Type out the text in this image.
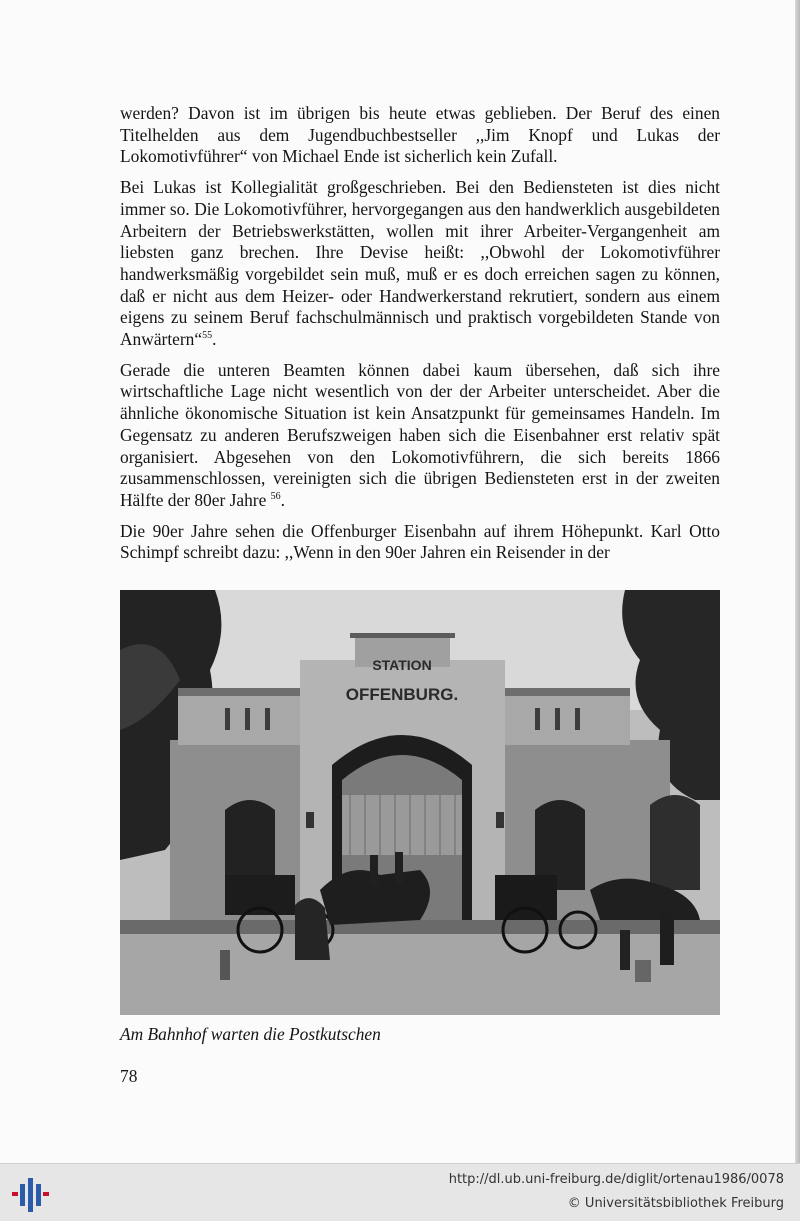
werden? Davon ist im übrigen bis heute etwas geblieben. Der Beruf des einen Titelhelden aus dem Jugendbuchbestseller ,,Jim Knopf und Lukas der Lokomotivführer“ von Michael Ende ist sicherlich kein Zufall.

Bei Lukas ist Kollegialität großgeschrieben. Bei den Bediensteten ist dies nicht immer so. Die Lokomotivführer, hervorgegangen aus den handwerklich ausgebildeten Arbeitern der Betriebswerkstätten, wollen mit ihrer Arbeiter-Vergangenheit am liebsten ganz brechen. Ihre Devise heißt: ,,Obwohl der Lokomotivführer handwerksmäßig vorgebildet sein muß, muß er es doch erreichen sagen zu können, daß er nicht aus dem Heizer- oder Handwerkerstand rekrutiert, sondern aus einem eigens zu seinem Beruf fachschulmännisch und praktisch vorgebildeten Stande von Anwärtern“$^{55}$.

Gerade die unteren Beamten können dabei kaum übersehen, daß sich ihre wirtschaftliche Lage nicht wesentlich von der der Arbeiter unterscheidet. Aber die ähnliche ökonomische Situation ist kein Ansatzpunkt für gemeinsames Handeln. Im Gegensatz zu anderen Berufszweigen haben sich die Eisenbahner erst relativ spät organisiert. Abgesehen von den Lokomotivführern, die sich bereits 1866 zusammenschlossen, vereinigten sich die übrigen Bediensteten erst in der zweiten Hälfte der 80er Jahre $^{56}$.

Die 90er Jahre sehen die Offenburger Eisenbahn auf ihrem Höhepunkt. Karl Otto Schimpf schreibt dazu: ,,Wenn in den 90er Jahren ein Reisender in der

STATION
OFFENBURG.
Am Bahnhof warten die Postkutschen
78
http://dl.ub.uni-freiburg.de/diglit/ortenau1986/0078
© Universitätsbibliothek Freiburg
